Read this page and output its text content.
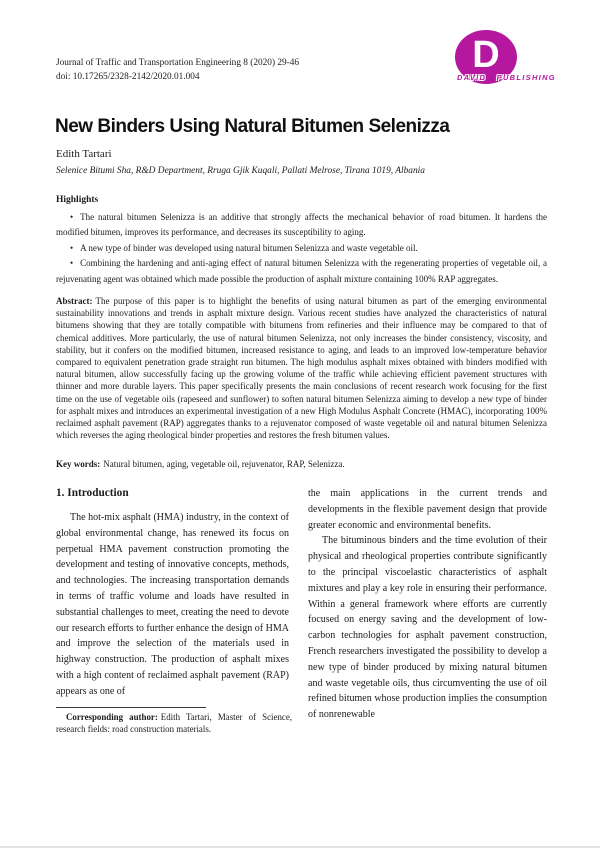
Journal of Traffic and Transportation Engineering 8 (2020) 29-46
doi: 10.17265/2328-2142/2020.01.004
D
DAVID PUBLISHING
New Binders Using Natural Bitumen Selenizza
Edith Tartari
Selenice Bitumi Sha, R&D Department, Rruga Gjik Kuqali, Pallati Melrose, Tirana 1019, Albania
Highlights
• The natural bitumen Selenizza is an additive that strongly affects the mechanical behavior of road bitumen. It hardens the modified bitumen, improves its performance, and decreases its susceptibility to aging.
• A new type of binder was developed using natural bitumen Selenizza and waste vegetable oil.
• Combining the hardening and anti-aging effect of natural bitumen Selenizza with the regenerating properties of vegetable oil, a rejuvenating agent was obtained which made possible the production of asphalt mixture containing 100% RAP aggregates.
Abstract: The purpose of this paper is to highlight the benefits of using natural bitumen as part of the emerging environmental sustainability innovations and trends in asphalt mixture design. Various recent studies have analyzed the characteristics of natural bitumens showing that they are totally compatible with bitumens from refineries and their influence may be compared to that of chemical additives. More particularly, the use of natural bitumen Selenizza, not only increases the binder consistency, viscosity, and stability, but it confers on the modified bitumen, increased resistance to aging, and leads to an improved low-temperature behavior compared to equivalent penetration grade straight run bitumen. The high modulus asphalt mixes obtained with binders modified with natural bitumen, allow successfully facing up the growing volume of the traffic while achieving efficient pavement structures with thinner and more durable layers. This paper specifically presents the main conclusions of recent research work focusing for the first time on the use of vegetable oils (rapeseed and sunflower) to soften natural bitumen Selenizza aiming to develop a new type of binder for asphalt mixes and introduces an experimental investigation of a new High Modulus Asphalt Concrete (HMAC), incorporating 100% reclaimed asphalt pavement (RAP) aggregates thanks to a rejuvenator composed of waste vegetable oil and natural bitumen Selenizza which reverses the aging rheological binder properties and restores the fresh bitumen values.
Key words: Natural bitumen, aging, vegetable oil, rejuvenator, RAP, Selenizza.
1. Introduction
The hot-mix asphalt (HMA) industry, in the context of global environmental change, has renewed its focus on perpetual HMA pavement construction promoting the development and testing of innovative concepts, methods, and technologies. The increasing transportation demands in terms of traffic volume and loads have resulted in substantial challenges to meet, creating the need to devote our research efforts to further enhance the design of HMA and improve the selection of the materials used in highway construction. The production of asphalt mixes with a high content of reclaimed asphalt pavement (RAP) appears as one of
the main applications in the current trends and developments in the flexible pavement design that provide greater economic and environmental benefits.
The bituminous binders and the time evolution of their physical and rheological properties contribute significantly to the principal viscoelastic characteristics of asphalt mixtures and play a key role in ensuring their performance. Within a general framework where efforts are currently focused on energy saving and the development of low-carbon technologies for asphalt pavement construction, French researchers investigated the possibility to develop a new type of binder produced by mixing natural bitumen and waste vegetable oils, thus circumventing the use of oil refined bitumen whose production implies the consumption of nonrenewable
Corresponding author: Edith Tartari, Master of Science, research fields: road construction materials.
